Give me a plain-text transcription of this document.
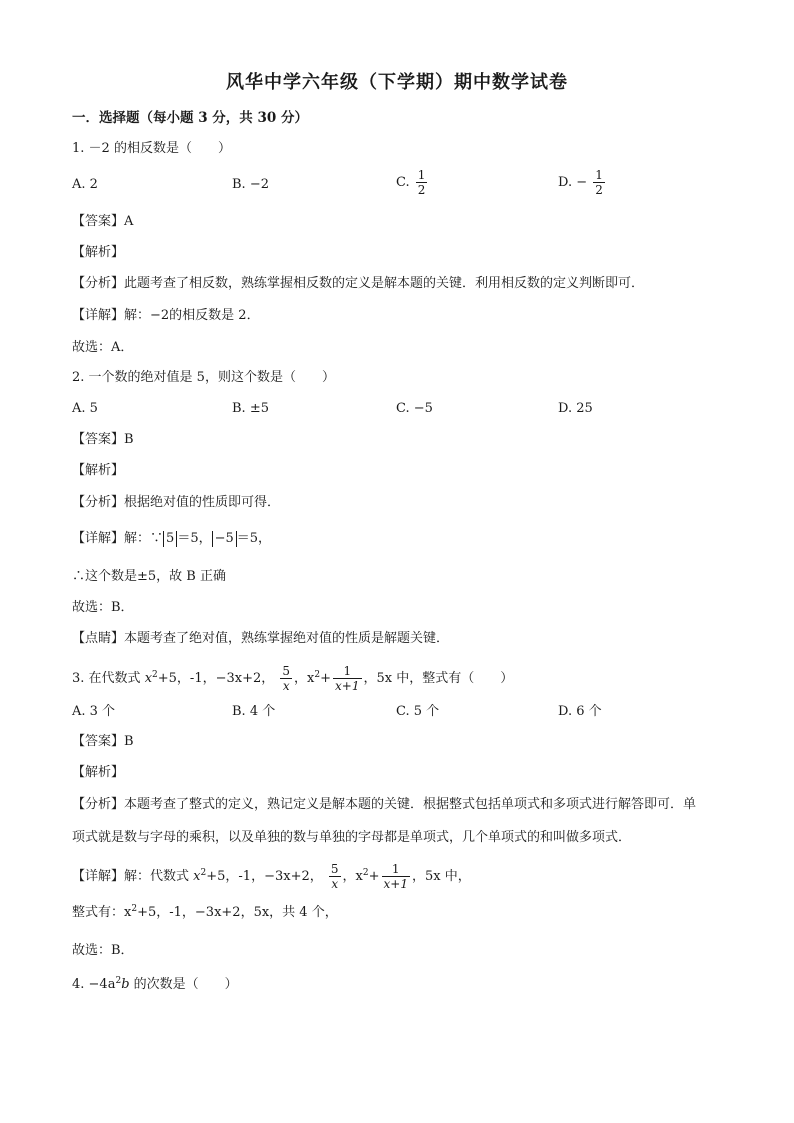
风华中学六年级（下学期）期中数学试卷
一．选择题（每小题 3 分，共 30 分）
1. －2 的相反数是（　　）
A. 2	B. −2	C. $\frac{1}{2}$	D. − $\frac{1}{2}$
【答案】A
【解析】
【分析】此题考查了相反数，熟练掌握相反数的定义是解本题的关键．利用相反数的定义判断即可．
【详解】解：−2的相反数是 2．
故选：A．
2. 一个数的绝对值是 5，则这个数是（　　）
A. 5	B. ±5	C. −5	D. 25
【答案】B
【解析】
【分析】根据绝对值的性质即可得．
【详解】解：∵ 5 ＝5， −5 ＝5，
∴这个数是±5，故 B 正确
故选：B．
【点睛】本题考查了绝对值，熟练掌握绝对值的性质是解题关键．
3. 在代数式 $x^2+5$，-1，−3x+2， $\frac{5}{x}$ ，$x^2+ \frac{1}{x+1}$ ，5x 中，整式有（　　）
A. 3 个	B. 4 个	C. 5 个	D. 6 个
【答案】B
【解析】
【分析】本题考查了整式的定义，熟记定义是解本题的关键．根据整式包括单项式和多项式进行解答即可．单
项式就是数与字母的乘积，以及单独的数与单独的字母都是单项式，几个单项式的和叫做多项式．
【详解】解：代数式 $x^2+5$，-1，−3x+2， $\frac{5}{x}$ ，$x^2+ \frac{1}{x+1}$ ，5x 中，
整式有：$x^2+5$，-1，−3x+2，5x，共 4 个，
故选：B．
4. $-4a^2b$ 的次数是（　　）
